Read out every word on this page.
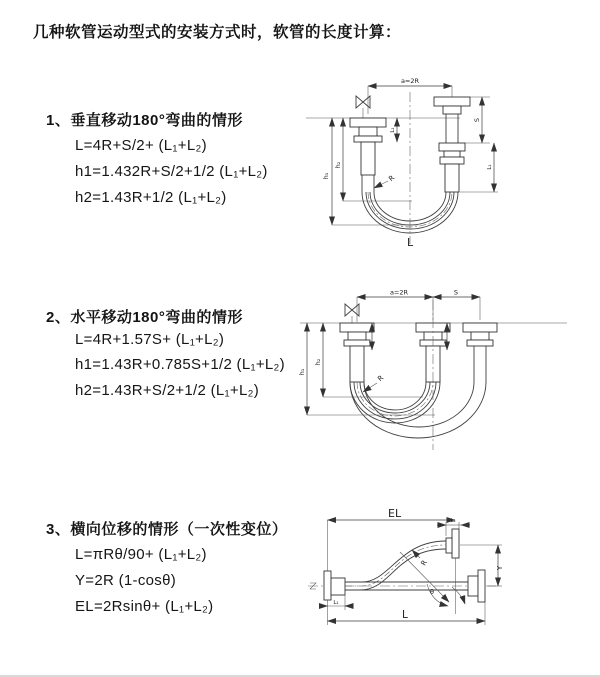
几种软管运动型式的安装方式时，软管的长度计算：
1、垂直移动180°弯曲的情形
L=4R+S/2+ (L₁+L₂)
h1=1.432R+S/2+1/2 (L₁+L₂)
h2=1.43R+1/2 (L₁+L₂)
a=2R
h₁
h₂
L₁
S
L₁
R
L
2、水平移动180°弯曲的情形
L=4R+1.57S+ (L₁+L₂)
h1=1.43R+0.785S+1/2 (L₁+L₂)
h2=1.43R+S/2+1/2 (L₁+L₂)
a=2R	S
h₁
h₂
R
3、横向位移的情形（一次性变位）
L=πRθ/90+ (L₁+L₂)
Y=2R (1-cosθ)
EL=2Rsinθ+ (L₁+L₂)
EL
L₂
Y
R
θ
L
L₁
